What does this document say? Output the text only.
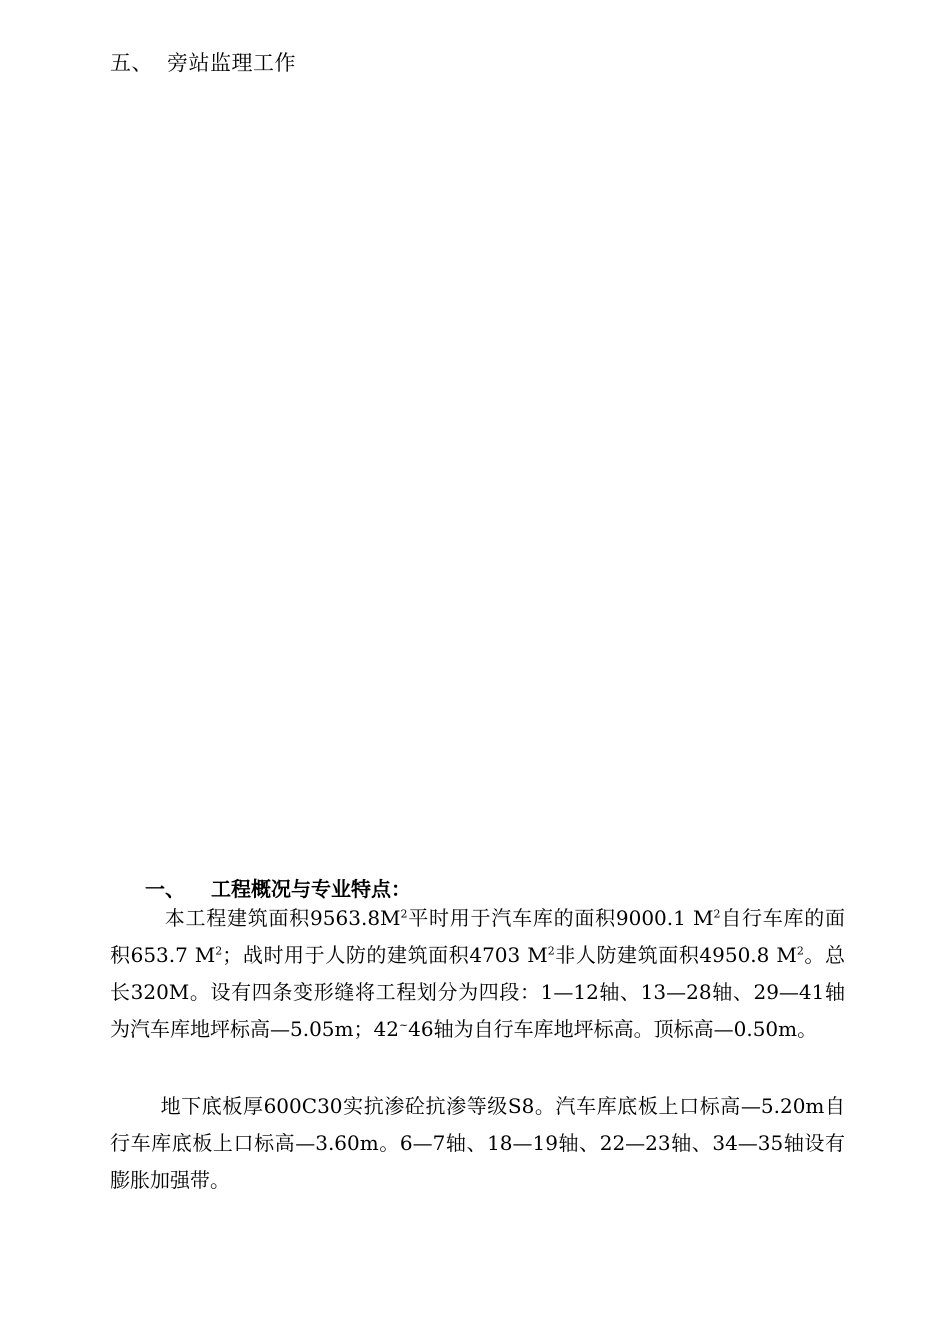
五、 旁站监理工作
一、 工程概况与专业特点：
本工程建筑面积$9563.8M^2$平时用于汽车库的面积9000.1 $M^2$自行车库的面积653.7 $M^2$；战时用于人防的建筑面积4703 $M^2$非人防建筑面积4950.8 $M^2$。总长320M。设有四条变形缝将工程划分为四段：1—12轴、13—28轴、29—41轴为汽车库地坪标高—5.05m；42~46轴为自行车库地坪标高。顶标高—0.50m。
地下底板厚600C30实抗渗砼抗渗等级S8。汽车库底板上口标高—5.20m自行车库底板上口标高—3.60m。6—7轴、18—19轴、22—23轴、34—35轴设有膨胀加强带。
